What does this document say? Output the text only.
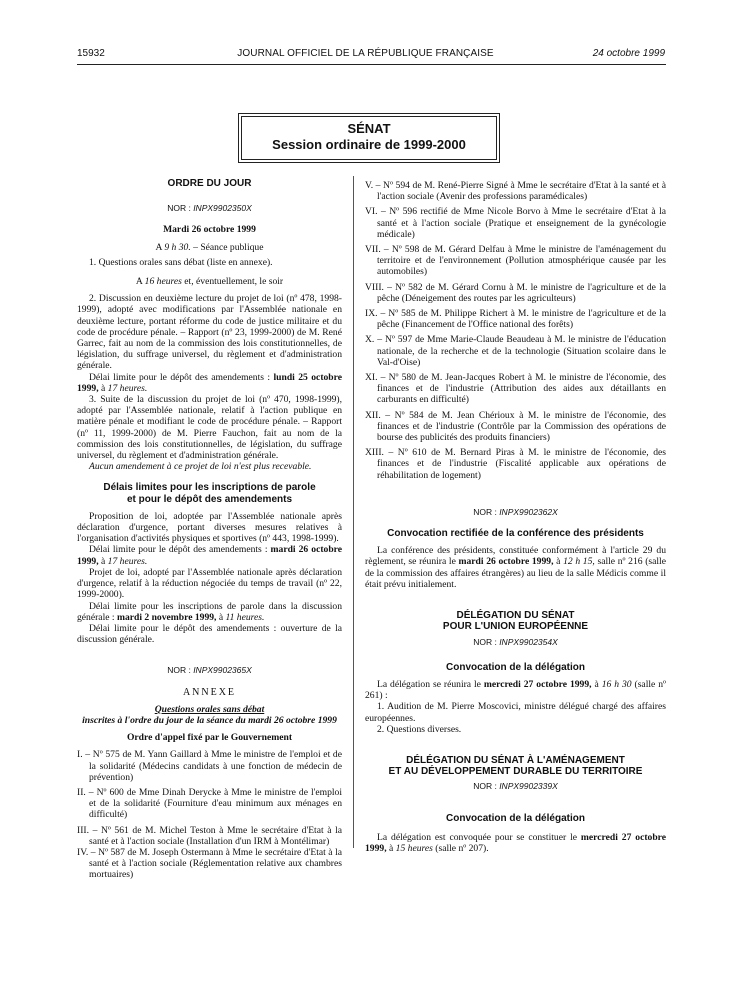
15932	JOURNAL OFFICIEL DE LA RÉPUBLIQUE FRANÇAISE	24 octobre 1999
SÉNAT
Session ordinaire de 1999-2000
ORDRE DU JOUR
NOR : INPX9902350X

Mardi 26 octobre 1999

A 9 h 30. – Séance publique

1. Questions orales sans débat (liste en annexe).

A 16 heures et, éventuellement, le soir

2. Discussion en deuxième lecture du projet de loi (nº 478, 1998-1999), adopté avec modifications par l'Assemblée nationale en deuxième lecture, portant réforme du code de justice militaire et du code de procédure pénale. – Rapport (nº 23, 1999-2000) de M. René Garrec, fait au nom de la commission des lois constitutionnelles, de législation, du suffrage universel, du règlement et d'administration générale.

Délai limite pour le dépôt des amendements : lundi 25 octobre 1999, à 17 heures.

3. Suite de la discussion du projet de loi (nº 470, 1998-1999), adopté par l'Assemblée nationale, relatif à l'action publique en matière pénale et modifiant le code de procédure pénale. – Rapport (nº 11, 1999-2000) de M. Pierre Fauchon, fait au nom de la commission des lois constitutionnelles, de législation, du suffrage universel, du règlement et d'administration générale.

Aucun amendement à ce projet de loi n'est plus recevable.

Délais limites pour les inscriptions de parole
et pour le dépôt des amendements

Proposition de loi, adoptée par l'Assemblée nationale après déclaration d'urgence, portant diverses mesures relatives à l'organisation d'activités physiques et sportives (nº 443, 1998-1999).

Délai limite pour le dépôt des amendements : mardi 26 octobre 1999, à 17 heures.

Projet de loi, adopté par l'Assemblée nationale après déclaration d'urgence, relatif à la réduction négociée du temps de travail (nº 22, 1999-2000).

Délai limite pour les inscriptions de parole dans la discussion générale : mardi 2 novembre 1999, à 11 heures.

Délai limite pour le dépôt des amendements : ouverture de la discussion générale.

NOR : INPX9902365X

ANNEXE

Questions orales sans débat

inscrites à l'ordre du jour de la séance du mardi 26 octobre 1999

Ordre d'appel fixé par le Gouvernement

I. – Nº 575 de M. Yann Gaillard à Mme le ministre de l'emploi et de la solidarité (Médecins candidats à une fonction de médecin de prévention)

II. – Nº 600 de Mme Dinah Derycke à Mme le ministre de l'emploi et de la solidarité (Fourniture d'eau minimum aux ménages en difficulté)

III. – Nº 561 de M. Michel Teston à Mme le secrétaire d'Etat à la santé et à l'action sociale (Installation d'un IRM à Montélimar)

IV. – Nº 587 de M. Joseph Ostermann à Mme le secrétaire d'Etat à la santé et à l'action sociale (Réglementation relative aux chambres mortuaires)

V. – Nº 594 de M. René-Pierre Signé à Mme le secrétaire d'Etat à la santé et à l'action sociale (Avenir des professions paramédicales)

VI. – Nº 596 rectifié de Mme Nicole Borvo à Mme le secrétaire d'Etat à la santé et à l'action sociale (Pratique et enseignement de la gynécologie médicale)

VII. – Nº 598 de M. Gérard Delfau à Mme le ministre de l'aménagement du territoire et de l'environnement (Pollution atmosphérique causée par les automobiles)

VIII. – Nº 582 de M. Gérard Cornu à M. le ministre de l'agriculture et de la pêche (Déneigement des routes par les agriculteurs)

IX. – Nº 585 de M. Philippe Richert à M. le ministre de l'agriculture et de la pêche (Financement de l'Office national des forêts)

X. – Nº 597 de Mme Marie-Claude Beaudeau à M. le ministre de l'éducation nationale, de la recherche et de la technologie (Situation scolaire dans le Val-d'Oise)

XI. – Nº 580 de M. Jean-Jacques Robert à M. le ministre de l'économie, des finances et de l'industrie (Attribution des aides aux détaillants en carburants en difficulté)

XII. – Nº 584 de M. Jean Chérioux à M. le ministre de l'économie, des finances et de l'industrie (Contrôle par la Commission des opérations de bourse des publicités des produits financiers)

XIII. – Nº 610 de M. Bernard Piras à M. le ministre de l'économie, des finances et de l'industrie (Fiscalité applicable aux opérations de réhabilitation de logement)

NOR : INPX9902362X
Convocation rectifiée de la conférence des présidents

La conférence des présidents, constituée conformément à l'article 29 du règlement, se réunira le mardi 26 octobre 1999, à 12 h 15, salle nº 216 (salle de la commission des affaires étrangères) au lieu de la salle Médicis comme il était prévu initialement.

DÉLÉGATION DU SÉNAT
POUR L'UNION EUROPÉENNE
NOR : INPX9902354X
Convocation de la délégation

La délégation se réunira le mercredi 27 octobre 1999, à 16 h 30 (salle nº 261) :

1. Audition de M. Pierre Moscovici, ministre délégué chargé des affaires européennes.

2. Questions diverses.

DÉLÉGATION DU SÉNAT À L'AMÉNAGEMENT
ET AU DÉVELOPPEMENT DURABLE DU TERRITOIRE
NOR : INPX9902339X
Convocation de la délégation

La délégation est convoquée pour se constituer le mercredi 27 octobre 1999, à 15 heures (salle nº 207).
